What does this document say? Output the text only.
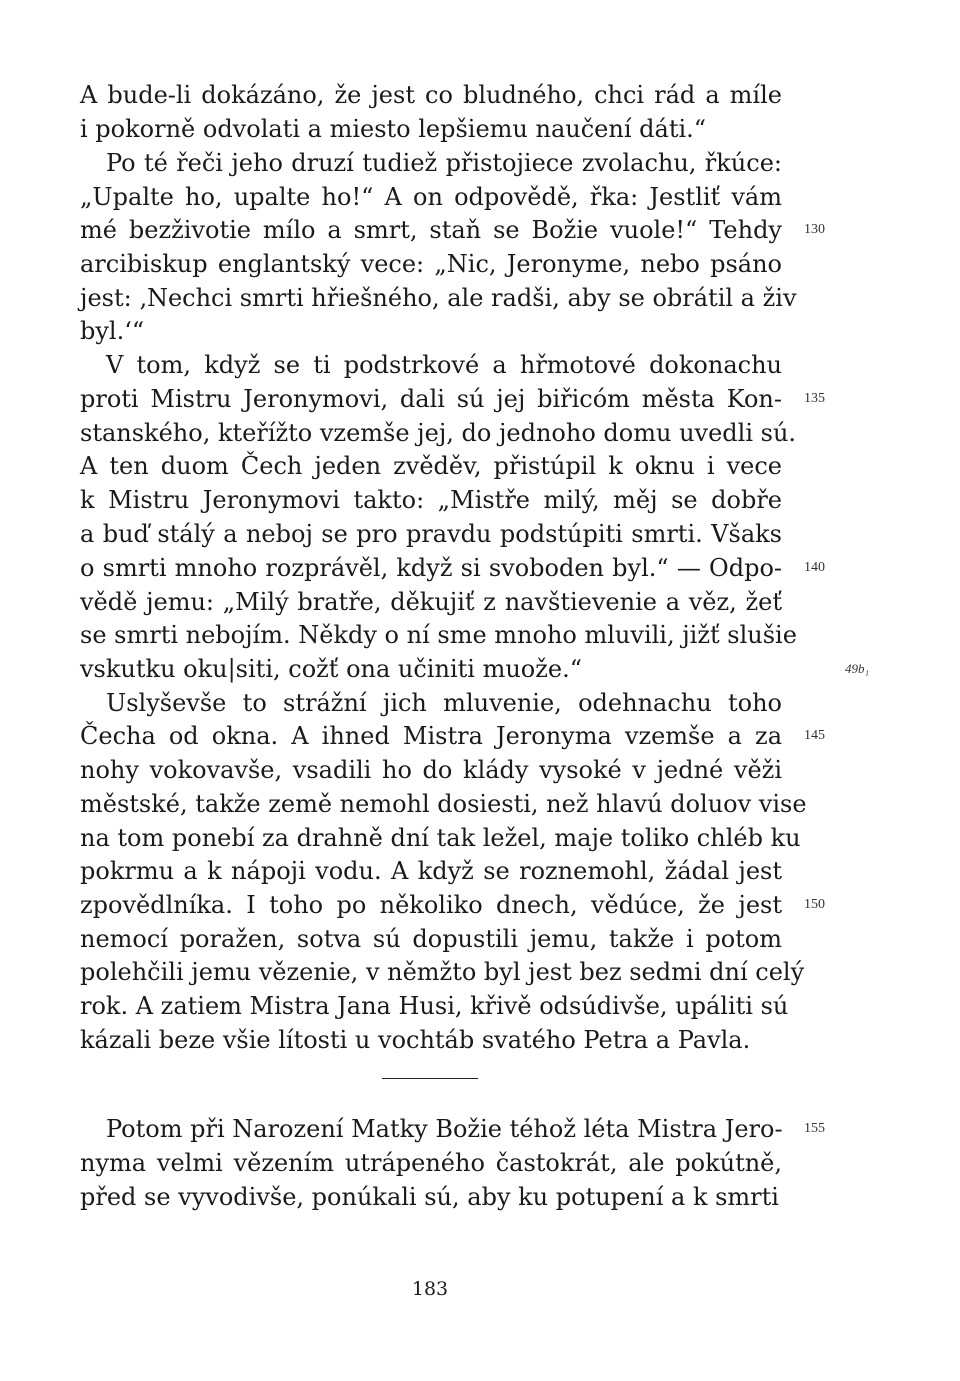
A bude-li dokázáno, že jest co bludného, chci rád a míle
i pokorně odvolati a miesto lepšiemu naučení dáti.“
Po té řeči jeho druzí tudiež přistojiece zvolachu, řkúce:
„Upalte ho, upalte ho!“ A on odpovědě, řka: Jestliť vám
mé bezživotie mílo a smrt, staň se Božie vuole!“ Tehdy
arcibiskup englantský vece: „Nic, Jeronyme, nebo psáno
jest: ‚Nechci smrti hřiešného, ale radši, aby se obrátil a živ
byl.‘“
V tom, když se ti podstrkové a hřmotové dokonachu
proti Mistru Jeronymovi, dali sú jej biřicóm města Kon-
stanského, kteřížto vzemše jej, do jednoho domu uvedli sú.
A ten duom Čech jeden zvěděv, přistúpil k oknu i vece
k Mistru Jeronymovi takto: „Mistře milý, měj se dobře
a buď stálý a neboj se pro pravdu podstúpiti smrti. Všaks
o smrti mnoho rozprávěl, když si svoboden byl.“ — Odpo-
vědě jemu: „Milý bratře, děkujiť z navštievenie a věz, žeť
se smrti nebojím. Někdy o ní sme mnoho mluvili, jižť slušie
vskutku oku|siti, cožť ona učiniti muože.“
Uslyševše to strážní jich mluvenie, odehnachu toho
Čecha od okna. A ihned Mistra Jeronyma vzemše a za
nohy vokovavše, vsadili ho do klády vysoké v jedné věži
městské, takže země nemohl dosiesti, než hlavú doluov vise
na tom ponebí za drahně dní tak ležel, maje toliko chléb ku
pokrmu a k nápoji vodu. A když se roznemohl, žádal jest
zpovědlníka. I toho po několiko dnech, vědúce, že jest
nemocí poražen, sotva sú dopustili jemu, takže i potom
polehčili jemu vězenie, v němžto byl jest bez sedmi dní celý
rok. A zatiem Mistra Jana Husi, křivě odsúdivše, upáliti sú
kázali beze všie lítosti u vochtáb svatého Petra a Pavla.
Potom při Narození Matky Božie téhož léta Mistra Jero-
nyma velmi vězením utrápeného častokrát, ale pokútně,
před se vyvodivše, ponúkali sú, aby ku potupení a k smrti
130
135
140
145
150
155
49b₁
183
